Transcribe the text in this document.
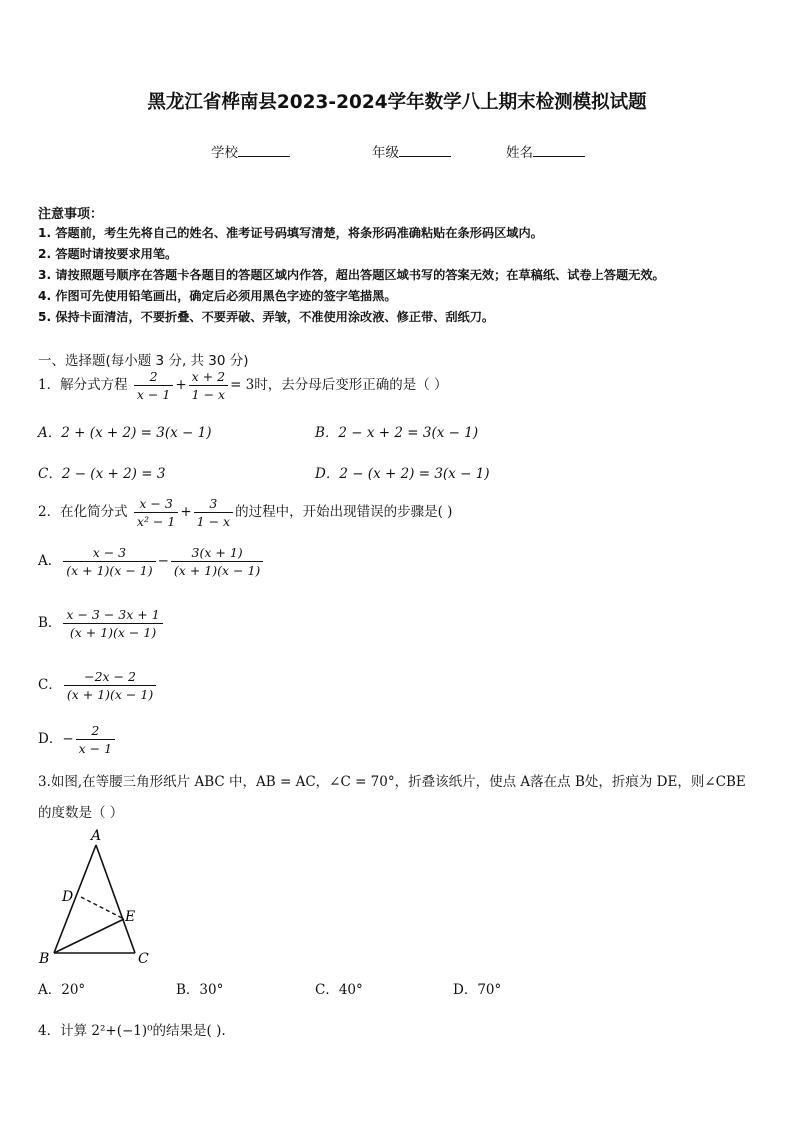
黑龙江省桦南县2023-2024学年数学八上期末检测模拟试题
学校	年级	姓名
注意事项：
1. 答题前，考生先将自己的姓名、准考证号码填写清楚，将条形码准确粘贴在条形码区域内。
2. 答题时请按要求用笔。
3. 请按照题号顺序在答题卡各题目的答题区域内作答，超出答题区域书写的答案无效；在草稿纸、试卷上答题无效。
4. 作图可先使用铅笔画出，确定后必须用黑色字迹的签字笔描黑。
5. 保持卡面清洁，不要折叠、不要弄破、弄皱，不准使用涂改液、修正带、刮纸刀。
一、选择题(每小题 3 分, 共 30 分)
1．解分式方程 $\frac{2}{x - 1} + \frac{x + 2}{1 - x} = 3$时，去分母后变形正确的是（ ）
A．2 + (x + 2) = 3(x − 1)	B．2 − x + 2 = 3(x − 1)
C．2 − (x + 2) = 3	D．2 − (x + 2) = 3(x − 1)
2．在化简分式 $\frac{x - 3}{\text{x² − 1}} + \frac{3}{1 - x}$ 的过程中，开始出现错误的步骤是( )
A． $\frac{x - 3}{(x + 1)(x - 1)} - \frac{3(x + 1)}{(x + 1)(x - 1)}$
B． $\frac{x - 3 - 3x + 1}{(x + 1)(x - 1)}$
C． $\frac{-2x - 2}{(x + 1)(x - 1)}$
D．− $\frac{2}{x - 1}$
3.如图,在等腰三角形纸片 ABC 中，AB = AC，∠C = 70°，折叠该纸片，使点 A落在点 B处，折痕为 DE，则∠CBE
的度数是（ ）
A
D
E
B	C
A．20°	B．30°	C．40°	D．70°
4．计算 2²+(−1)⁰的结果是( ).
